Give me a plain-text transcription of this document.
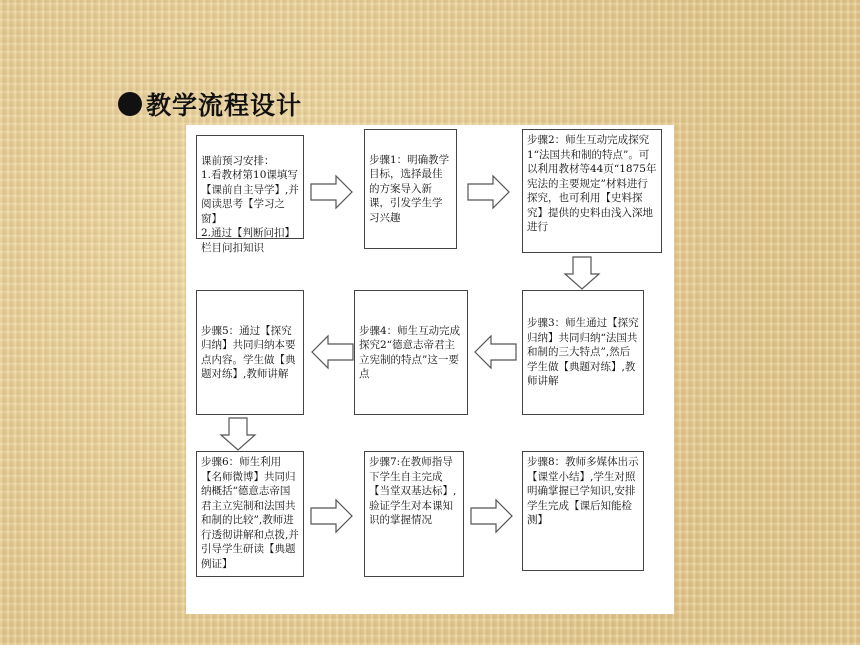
教学流程设计

课前预习安排：
1.看教材第10课填写【课前自主导学】,并阅读思考【学习之窗】
2.通过【判断问扣】栏目问扣知识

步骤1：明确教学目标，选择最佳的方案导入新课，引发学生学习兴趣
步骤2：师生互动完成探究1“法国共和制的特点”。可以利用教材等44页“1875年宪法的主要规定”材料进行探究，也可利用【史料探究】提供的史料由浅入深地进行
步骤5：通过【探究归纳】共同归纳本要点内容。学生做【典题对练】,教师讲解
步骤4：师生互动完成探究2“德意志帝君主立宪制的特点”这一要点
步骤3：师生通过【探究归纳】共同归纳“法国共和制的三大特点”,然后学生做【典题对练】,教师讲解
步骤6：师生利用【名师微博】共同归纳概括“德意志帝国君主立宪制和法国共和制的比较”,教师进行透彻讲解和点拨,并引导学生研读【典题例证】
步骤7:在教师指导下学生自主完成【当堂双基达标】,验证学生对本课知识的掌握情况
步骤8：教师多媒体出示【课堂小结】,学生对照明确掌握已学知识,安排学生完成【课后知能检测】
